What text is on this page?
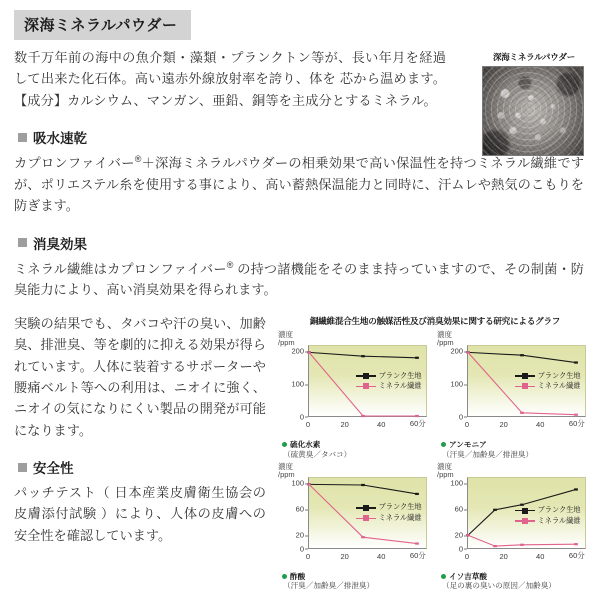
深海ミネラルパウダー
数千万年前の海中の魚介類・藻類・プランクトン等が、長い年月を経過して出来た化石体。高い遠赤外線放射率を誇り、体を 芯から温めます。【成分】カルシウム、マンガン、亜鉛、銅等を主成分とするミネラル。
深海ミネラルパウダー
吸水速乾
カプロンファイバー®＋深海ミネラルパウダーの相乗効果で高い保温性を持つミネラル繊維ですが、ポリエステル糸を使用する事により、高い蓄熱保温能力と同時に、汗ムレや熱気のこもりを防ぎます。
消臭効果
ミネラル繊維はカプロンファイバー® の持つ諸機能をそのまま持っていますので、その制菌・防臭能力により、高い消臭効果を得られます。
実験の結果でも、タバコや汗の臭い、加齢臭、排泄臭、等を劇的に抑える効果が得られています。人体に装着するサポーターや腰痛ベルト等への利用は、ニオイに強く、ニオイの気になりにくい製品の開発が可能になります。
安全性
パッチテスト（ 日本産業皮膚衛生協会の皮膚添付試験 ）により、人体の皮膚への安全性を確認しています。
銅繊維混合生地の触媒活性及び消臭効果に関する研究によるグラフ
濃度
/ppm
0
100
200
0	20	40	60分
ブランク生地
ミネラル繊維
硫化水素
（硫黄臭／タバコ）
濃度
/ppm
0
100
200
0	20	40	60分
ブランク生地
ミネラル繊維
アンモニア
（汗臭／加齢臭／排泄臭）
濃度
/ppm
0
20
60
100
0	20	40	60分
ブランク生地
ミネラル繊維
酢酸
（汗臭／加齢臭／排泄臭）
濃度
/ppm
0
20
60
100
0	20	40	60分
ブランク生地
ミネラル繊維
イソ吉草酸
（足の裏の臭いの原因／加齢臭）
